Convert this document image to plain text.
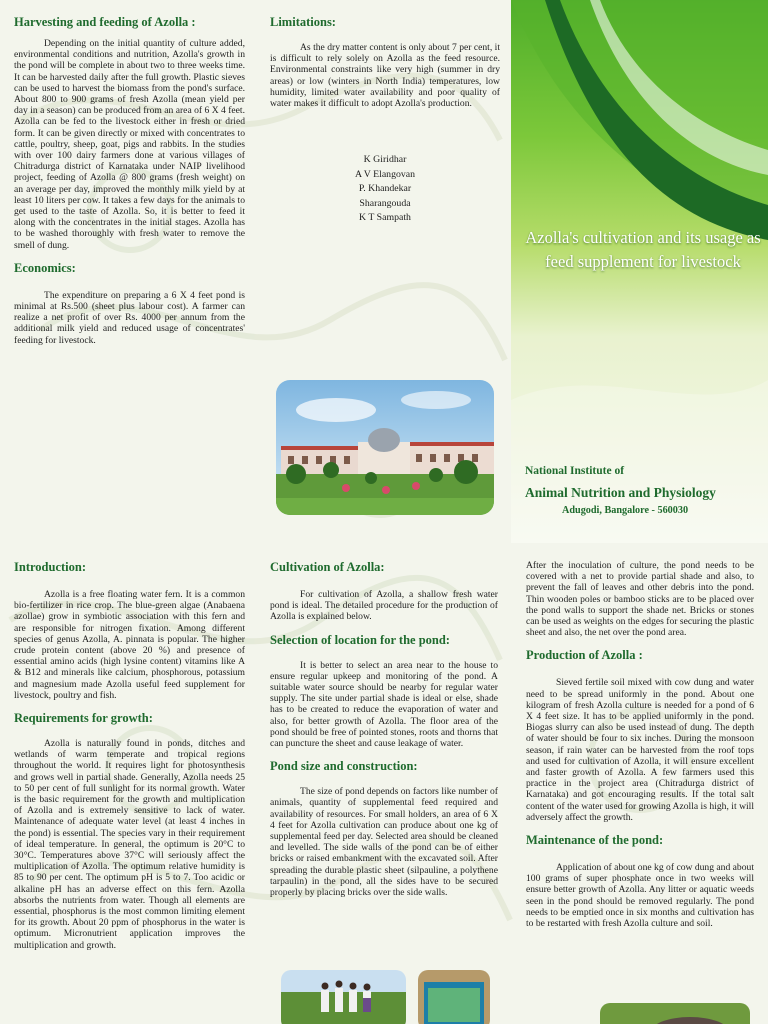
Harvesting and feeding of Azolla :
Depending on the initial quantity of culture added, environmental conditions and nutrition, Azolla's growth in the pond will be complete in about two to three weeks time. It can be harvested daily after the full growth. Plastic sieves can be used to harvest the biomass from the pond's surface. About 800 to 900 grams of fresh Azolla (mean yield per day in a season) can be produced from an area of 6 X 4 feet. Azolla can be fed to the livestock either in fresh or dried form. It can be given directly or mixed with concentrates to cattle, poultry, sheep, goat, pigs and rabbits. In the studies with over 100 dairy farmers done at various villages of Chitradurga district of Karnataka under NAIP livelihood project, feeding of Azolla @ 800 grams (fresh weight) on an average per day, improved the monthly milk yield by at least 10 liters per cow. It takes a few days for the animals to get used to the taste of Azolla. So, it is better to feed it along with the concentrates in the initial stages. Azolla has to be washed thoroughly with fresh water to remove the smell of dung.
Economics:
The expenditure on preparing a 6 X 4 feet pond is minimal at Rs.500 (sheet plus labour cost). A farmer can realize a net profit of over Rs. 4000 per annum from the additional milk yield and reduced usage of concentrates' feeding for livestock.
Limitations:
As the dry matter content is only about 7 per cent, it is difficult to rely solely on Azolla as the feed resource. Environmental constraints like very high (summer in dry areas) or low (winters in North India) temperatures, low humidity, limited water availability and poor quality of water makes it difficult to adopt Azolla's production.
K Giridhar
A V Elangovan
P. Khandekar
Sharangouda
K T Sampath
Azolla's cultivation and its usage as feed supplement for livestock
National Institute of
Animal Nutrition and Physiology
Adugodi, Bangalore - 560030
Introduction:
Azolla is a free floating water fern. It is a common bio-fertilizer in rice crop. The blue-green algae (Anabaena azollae) grow in symbiotic association with this fern and are responsible for nitrogen fixation. Among different species of genus Azolla, A. pinnata is popular. The higher crude protein content (above 20 %) and presence of essential amino acids (high lysine content) vitamins like A & B12 and minerals like calcium, phosphorous, potassium and magnesium made Azolla useful feed supplement for livestock, poultry and fish.
Requirements for growth:
Azolla is naturally found in ponds, ditches and wetlands of warm temperate and tropical regions throughout the world. It requires light for photosynthesis and grows well in partial shade. Generally, Azolla needs 25 to 50 per cent of full sunlight for its normal growth. Water is the basic requirement for the growth and multiplication of Azolla and is extremely sensitive to lack of water. Maintenance of adequate water level (at least 4 inches in the pond) is essential. The species vary in their requirement of ideal temperature. In general, the optimum is 20°C to 30°C. Temperatures above 37°C will seriously affect the multiplication of Azolla. The optimum relative humidity is 85 to 90 per cent. The optimum pH is 5 to 7. Too acidic or alkaline pH has an adverse effect on this fern. Azolla absorbs the nutrients from water. Though all elements are essential, phosphorus is the most common limiting element for its growth. About 20 ppm of phosphorus in the water is optimum. Micronutrient application improves the multiplication and growth.
Cultivation of Azolla:
For cultivation of Azolla, a shallow fresh water pond is ideal. The detailed procedure for the production of Azolla is explained below.
Selection of location for the pond:
It is better to select an area near to the house to ensure regular upkeep and monitoring of the pond. A suitable water source should be nearby for regular water supply. The site under partial shade is ideal or else, shade has to be created to reduce the evaporation of water and also, for better growth of Azolla. The floor area of the pond should be free of pointed stones, roots and thorns that can puncture the sheet and cause leakage of water.
Pond size and construction:
The size of pond depends on factors like number of animals, quantity of supplemental feed required and availability of resources. For small holders, an area of 6 X 4 feet for Azolla cultivation can produce about one kg of supplemental feed per day. Selected area should be cleaned and levelled. The side walls of the pond can be of either bricks or raised embankment with the excavated soil. After spreading the durable plastic sheet (silpauline, a polythene tarpaulin) in the pond, all the sides have to be secured properly by placing bricks over the side walls.
After the inoculation of culture, the pond needs to be covered with a net to provide partial shade and also, to prevent the fall of leaves and other debris into the pond. Thin wooden poles or bamboo sticks are to be placed over the pond walls to support the shade net. Bricks or stones can be used as weights on the edges for securing the plastic sheet and also, the net over the pond area.
Production of Azolla :
Sieved fertile soil mixed with cow dung and water need to be spread uniformly in the pond. About one kilogram of fresh Azolla culture is needed for a pond of 6 X 4 feet size. It has to be applied uniformly in the pond. Biogas slurry can also be used instead of dung. The depth of water should be four to six inches. During the monsoon season, if rain water can be harvested from the roof tops and used for cultivation of Azolla, it will ensure excellent and faster growth of Azolla. A few farmers used this practice in the project area (Chitradurga district of Karnataka) and got encouraging results. If the total salt content of the water used for growing Azolla is high, it will adversely affect the growth.
Maintenance of the pond:
Application of about one kg of cow dung and about 100 grams of super phosphate once in two weeks will ensure better growth of Azolla. Any litter or aquatic weeds seen in the pond should be removed regularly. The pond needs to be emptied once in six months and cultivation has to be restarted with fresh Azolla culture and soil.
